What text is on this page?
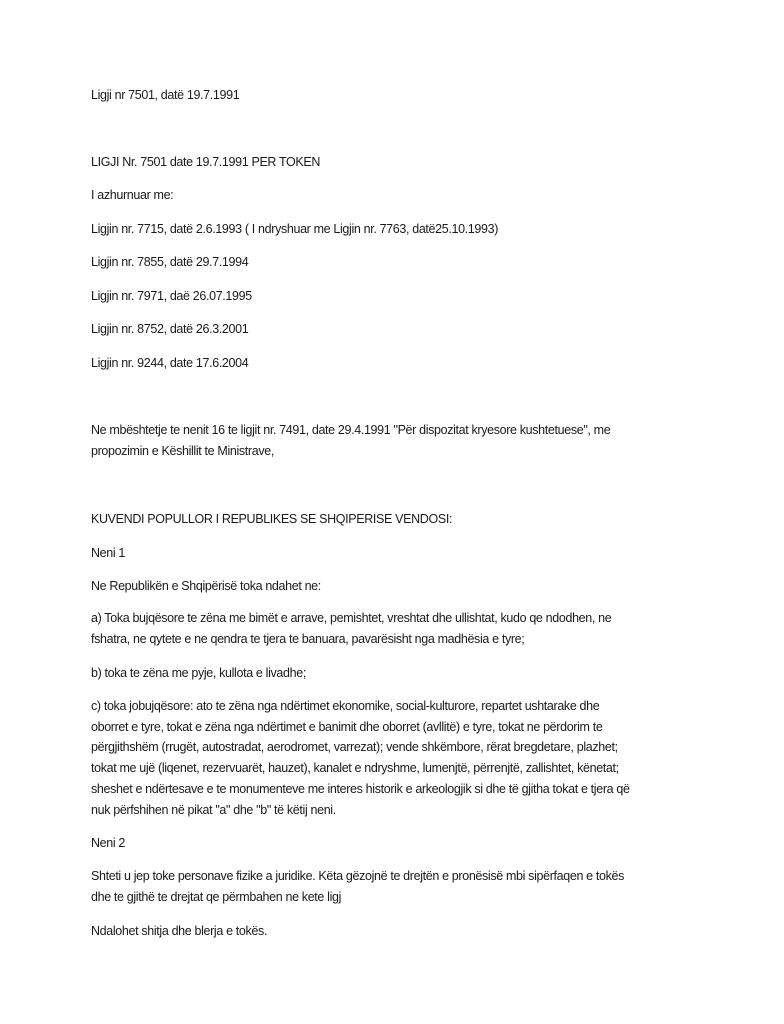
Ligji nr 7501, datë 19.7.1991
LIGJI Nr. 7501 date 19.7.1991 PER TOKEN
I azhurnuar me:
Ligjin nr. 7715, datë 2.6.1993 ( I ndryshuar me Ligjin nr. 7763, datë25.10.1993)
Ligjin nr. 7855, datë 29.7.1994
Ligjin nr. 7971, daë 26.07.1995
Ligjin nr. 8752, datë 26.3.2001
Ligjin nr. 9244, date 17.6.2004
Ne mbështetje te nenit 16 te ligjit nr. 7491, date 29.4.1991 "Për dispozitat kryesore kushtetuese", me
propozimin e Këshillit te Ministrave,
KUVENDI POPULLOR I REPUBLIKES SE SHQIPERISE VENDOSI:
Neni 1
Ne Republikën e Shqipërisë toka ndahet ne:
a) Toka bujqësore te zëna me bimët e arrave, pemishtet, vreshtat dhe ullishtat, kudo qe ndodhen, ne
fshatra, ne qytete e ne qendra te tjera te banuara, pavarësisht nga madhësia e tyre;
b) toka te zëna me pyje, kullota e livadhe;
c) toka jobujqësore: ato te zëna nga ndërtimet ekonomike, social-kulturore, repartet ushtarake dhe
oborret e tyre, tokat e zëna nga ndërtimet e banimit dhe oborret (avllitë) e tyre, tokat ne përdorim te
përgjithshëm (rrugët, autostradat, aerodromet, varrezat); vende shkëmbore, rërat bregdetare, plazhet;
tokat me ujë (liqenet, rezervuarët, hauzet), kanalet e ndryshme, lumenjtë, përrenjtë, zallishtet, kënetat;
sheshet e ndërtesave e te monumenteve me interes historik e arkeologjik si dhe të gjitha tokat e tjera që
nuk përfshihen në pikat "a" dhe "b" të këtij neni.
Neni 2
Shteti u jep toke personave fizike a juridike. Këta gëzojnë te drejtën e pronësisë mbi sipërfaqen e tokës
dhe te gjithë te drejtat qe përmbahen ne kete ligj
Ndalohet shitja dhe blerja e tokës.
